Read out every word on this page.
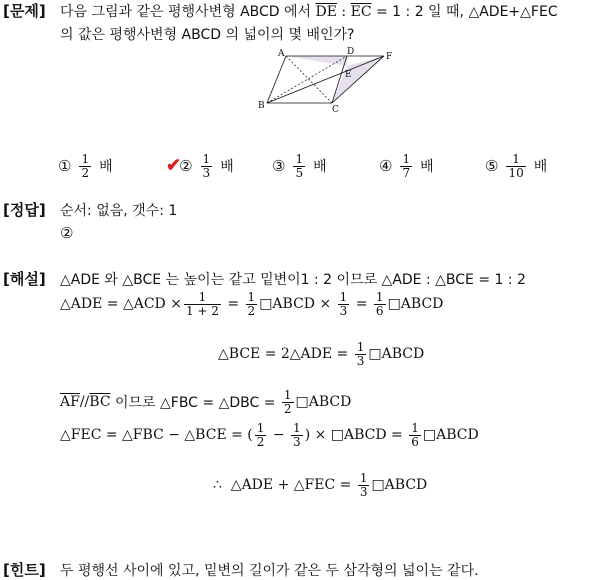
[문제] 다음 그림과 같은 평행사변형 ABCD 에서 $\overline{DE}$ : $\overline{EC} = 1$ : 2 일 때, △ADE+△FEC
의 값은 평행사변형 ABCD 의 넓이의 몇 배인가?
A	D	F
E
B	C
① $\frac{1}{2}$ 배	✔
② $\frac{1}{3}$ 배	③ $\frac{1}{5}$ 배	④ $\frac{1}{7}$ 배	⑤ $\frac{1}{10}$ 배
[정답] 순서: 없음, 갯수: 1
②
[해설] △ADE 와 △BCE 는 높이는 같고 밑변이1 : 2 이므로 △ADE : △BCE = 1 : 2
△ADE = △ACD × $\frac{1}{1 + 2} = \frac{1}{2}$ □ABCD × $\frac{1}{3} = \frac{1}{6}$ □ABCD
△BCE = 2△ADE = $\frac{1}{3}$ □ABCD
$\overline{AF} // \overline{BC}$ 이므로 △FBC = △DBC = $\frac{1}{2}$ □ABCD
△FEC = △FBC − △BCE = ( $\frac{1}{2} - \frac{1}{3}$ ) × □ABCD = $\frac{1}{6}$ □ABCD
∴  △ADE + △FEC = $\frac{1}{3}$ □ABCD
[힌트] 두 평행선 사이에 있고, 밑변의 길이가 같은 두 삼각형의 넓이는 같다.
